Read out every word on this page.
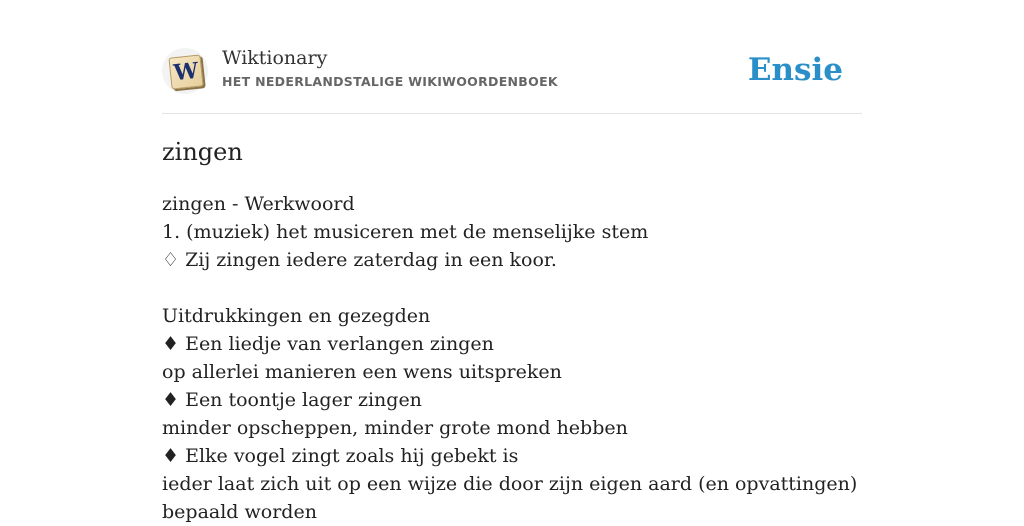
W Wiktionary
HET NEDERLANDSTALIGE WIKIWOORDENBOEK	Ensie
zingen
zingen - Werkwoord
1. (muziek) het musiceren met de menselijke stem
♢ Zij zingen iedere zaterdag in een koor.
Uitdrukkingen en gezegden
♦ Een liedje van verlangen zingen
op allerlei manieren een wens uitspreken
♦ Een toontje lager zingen
minder opscheppen, minder grote mond hebben
♦ Elke vogel zingt zoals hij gebekt is
ieder laat zich uit op een wijze die door zijn eigen aard (en opvattingen) bepaald worden
